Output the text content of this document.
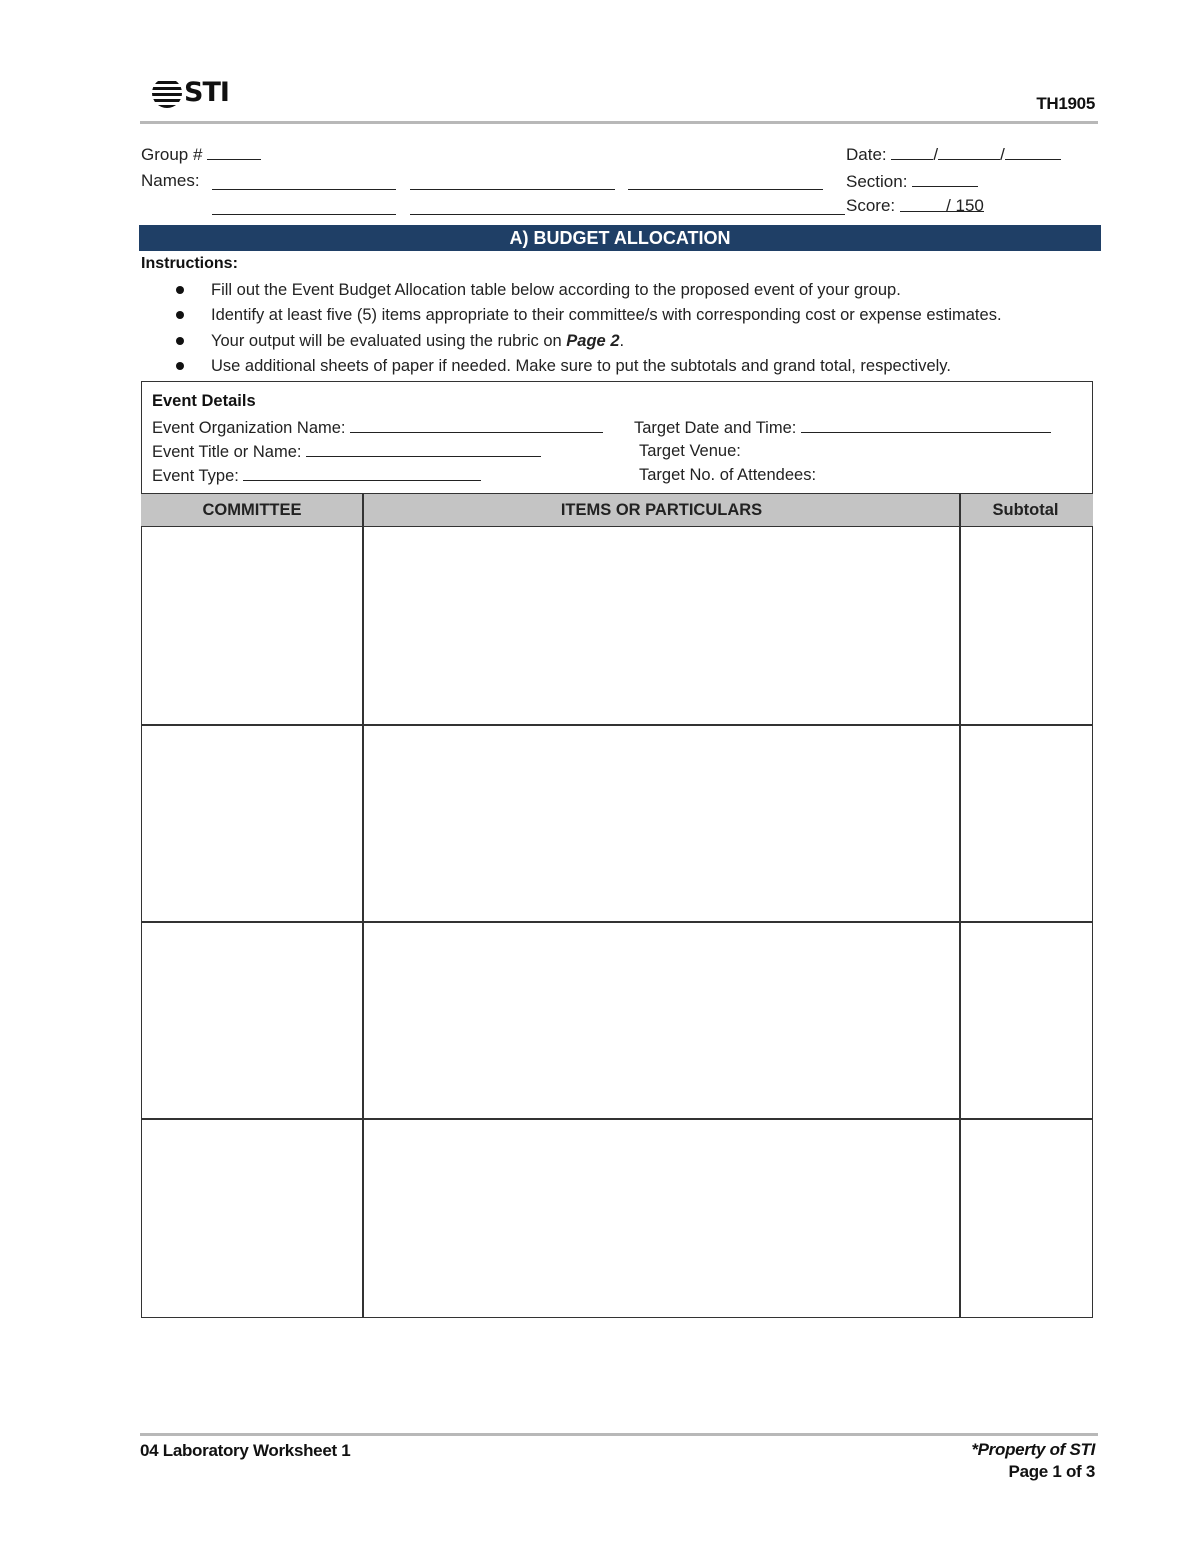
STI	TH1905
Group #
Names:
Date:	/	/
Section:
Score:	/ 150
A) BUDGET ALLOCATION
Instructions:
Fill out the Event Budget Allocation table below according to the proposed event of your group.
Identify at least five (5) items appropriate to their committee/s with corresponding cost or expense estimates.
Your output will be evaluated using the rubric on Page 2.
Use additional sheets of paper if needed. Make sure to put the subtotals and grand total, respectively.
Event Details
Event Organization Name:
Event Title or Name:
Event Type:
Target Date and Time:
Target Venue:
Target No. of Attendees:
COMMITTEE	ITEMS OR PARTICULARS	Subtotal
04 Laboratory Worksheet 1	*Property of STI
Page 1 of 3
